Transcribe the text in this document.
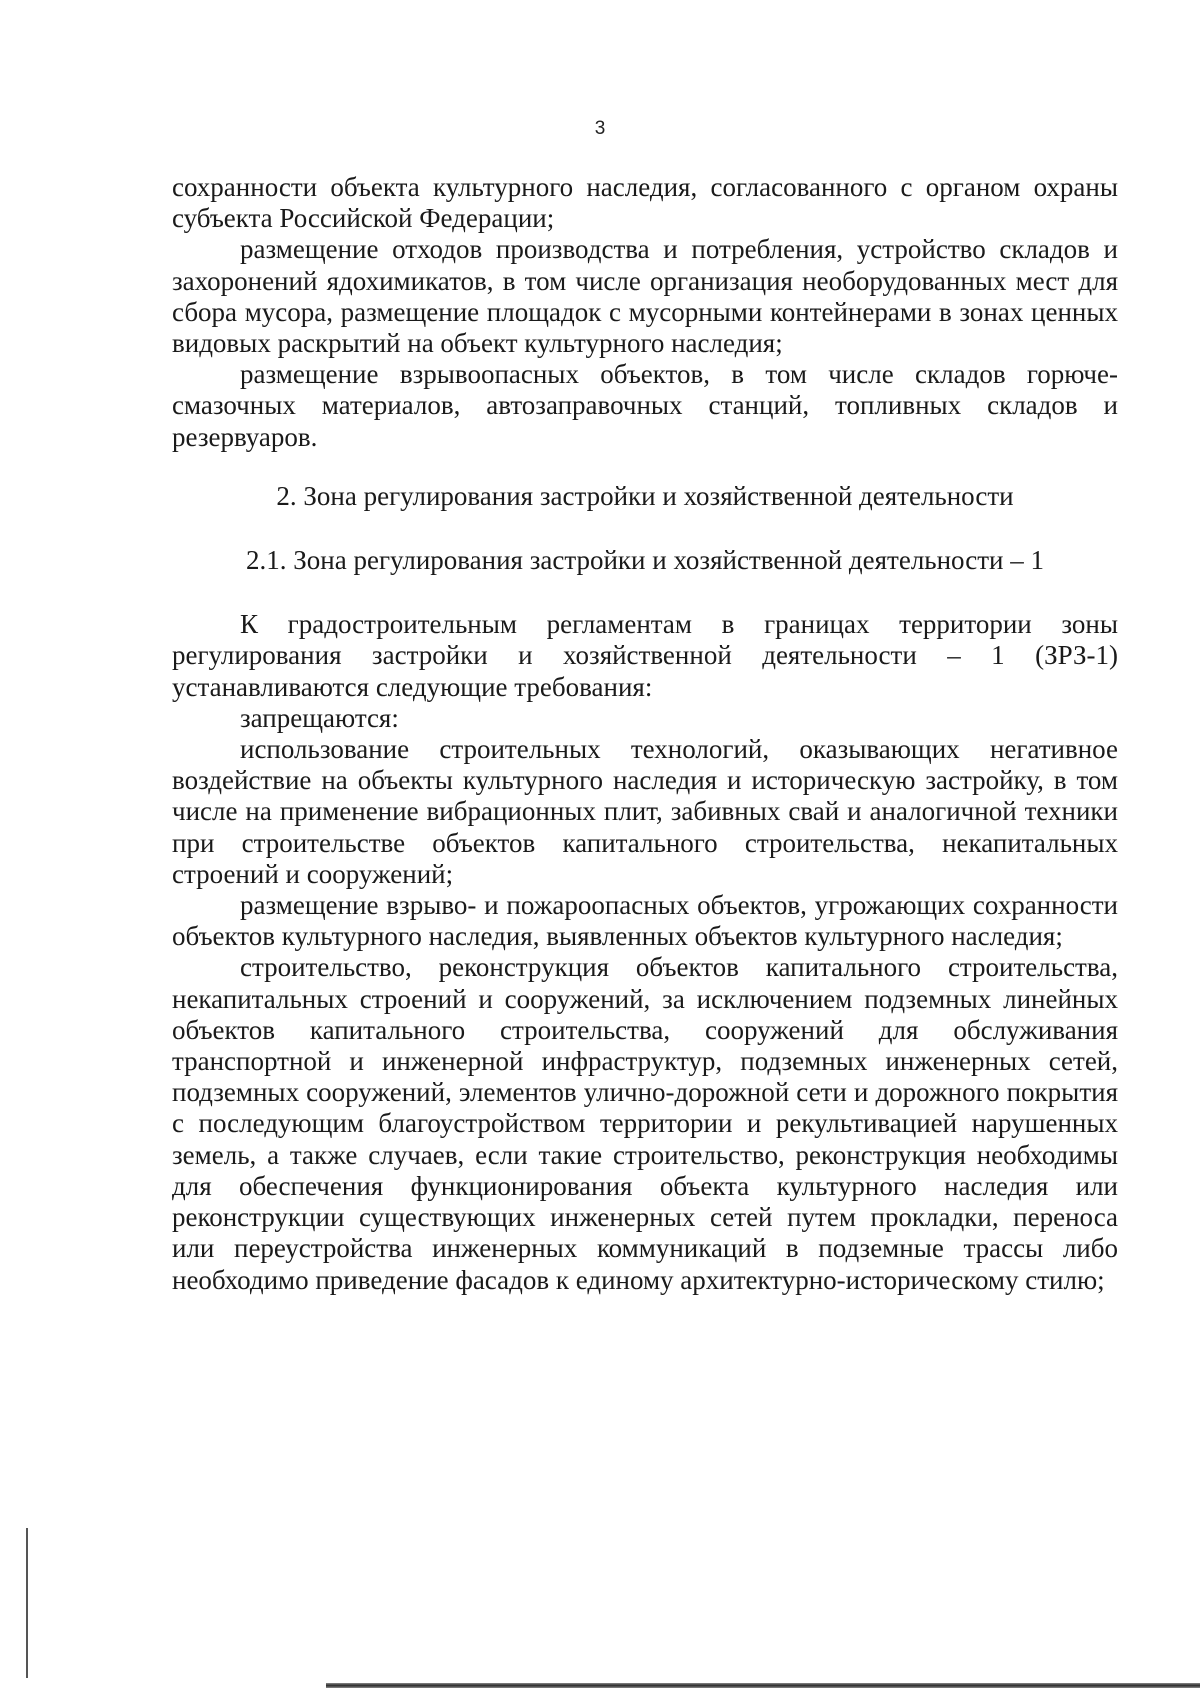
3

сохранности объекта культурного наследия, согласованного с органом охраны субъекта Российской Федерации;

размещение отходов производства и потребления, устройство складов и захоронений ядохимикатов, в том числе организация необорудованных мест для сбора мусора, размещение площадок с мусорными контейнерами в зонах ценных видовых раскрытий на объект культурного наследия;

размещение взрывоопасных объектов, в том числе складов горюче-смазочных материалов, автозаправочных станций, топливных складов и резервуаров.

2. Зона регулирования застройки и хозяйственной деятельности
2.1. Зона регулирования застройки и хозяйственной деятельности – 1

К градостроительным регламентам в границах территории зоны регулирования застройки и хозяйственной деятельности – 1 (ЗРЗ-1) устанавливаются следующие требования:

запрещаются:

использование строительных технологий, оказывающих негативное воздействие на объекты культурного наследия и историческую застройку, в том числе на применение вибрационных плит, забивных свай и аналогичной техники при строительстве объектов капитального строительства, некапитальных строений и сооружений;

размещение взрыво- и пожароопасных объектов, угрожающих сохранности объектов культурного наследия, выявленных объектов культурного наследия;

строительство, реконструкция объектов капитального строительства, некапитальных строений и сооружений, за исключением подземных линейных объектов капитального строительства, сооружений для обслуживания транспортной и инженерной инфраструктур, подземных инженерных сетей, подземных сооружений, элементов улично-дорожной сети и дорожного покрытия с последующим благоустройством территории и рекультивацией нарушенных земель, а также случаев, если такие строительство, реконструкция необходимы для обеспечения функционирования объекта культурного наследия или реконструкции существующих инженерных сетей путем прокладки, переноса или переустройства инженерных коммуникаций в подземные трассы либо необходимо приведение фасадов к единому архитектурно-историческому стилю;
